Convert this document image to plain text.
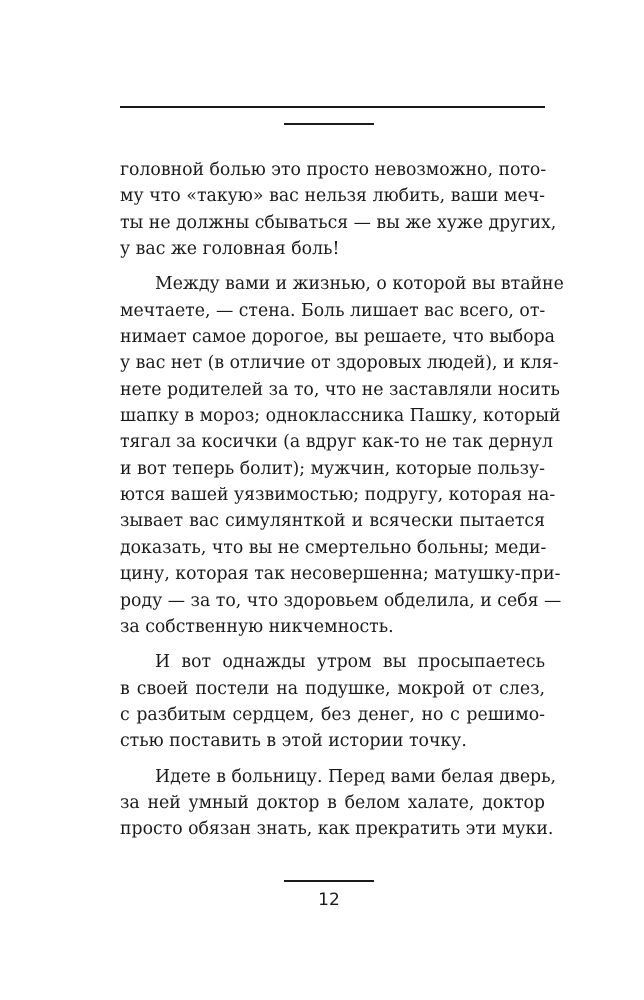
головной болью это просто невозможно, пото-
му что «такую» вас нельзя любить, ваши меч-
ты не должны сбываться — вы же хуже других,
у вас же головная боль!
Между вами и жизнью, о которой вы втайне
мечтаете, — стена. Боль лишает вас всего, от-
нимает самое дорогое, вы решаете, что выбора
у вас нет (в отличие от здоровых людей), и кля-
нете родителей за то, что не заставляли носить
шапку в мороз; одноклассника Пашку, который
тягал за косички (а вдруг как-то не так дернул
и вот теперь болит); мужчин, которые пользу-
ются вашей уязвимостью; подругу, которая на-
зывает вас симулянткой и всячески пытается
доказать, что вы не смертельно больны; меди-
цину, которая так несовершенна; матушку-при-
роду — за то, что здоровьем обделила, и себя —
за собственную никчемность.
И вот однажды утром вы просыпаетесь
в своей постели на подушке, мокрой от слез,
с разбитым сердцем, без денег, но с решимо-
стью поставить в этой истории точку.
Идете в больницу. Перед вами белая дверь,
за ней умный доктор в белом халате, доктор
просто обязан знать, как прекратить эти муки.
12
